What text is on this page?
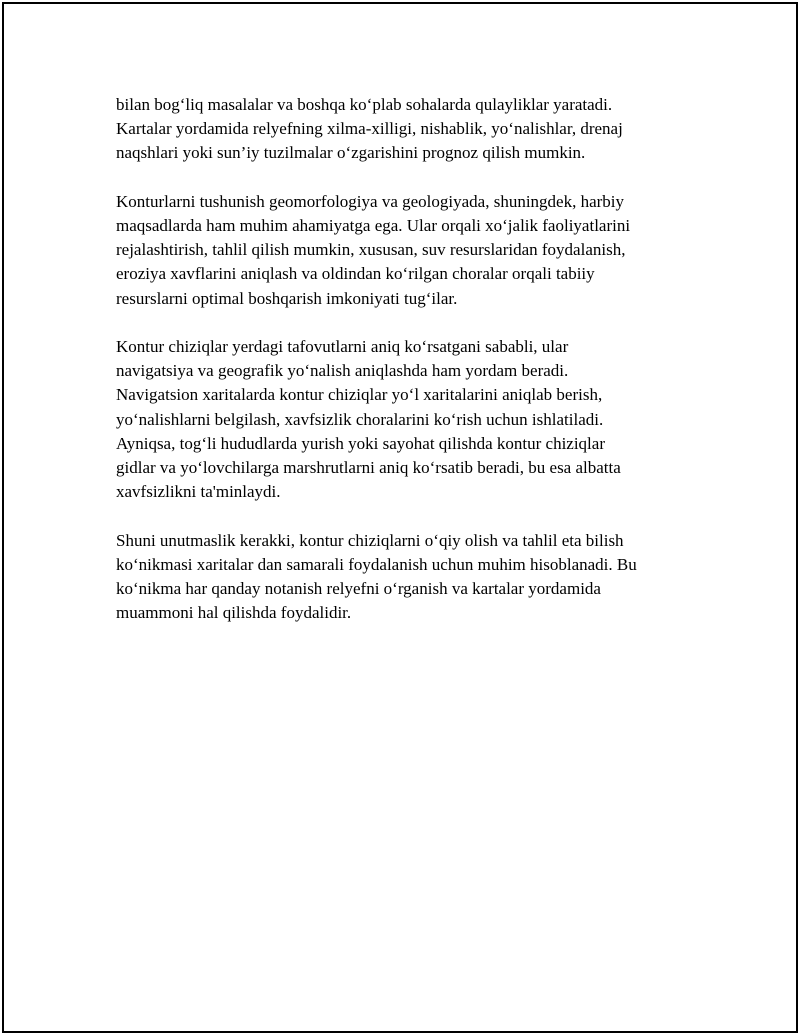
bilan bog‘liq masalalar va boshqa ko‘plab sohalarda qulayliklar yaratadi.
Kartalar yordamida relyefning xilma-xilligi, nishablik, yo‘nalishlar, drenaj
naqshlari yoki sun’iy tuzilmalar o‘zgarishini prognoz qilish mumkin.

Konturlarni tushunish geomorfologiya va geologiyada, shuningdek, harbiy
maqsadlarda ham muhim ahamiyatga ega. Ular orqali xo‘jalik faoliyatlarini
rejalashtirish, tahlil qilish mumkin, xususan, suv resurslaridan foydalanish,
eroziya xavflarini aniqlash va oldindan ko‘rilgan choralar orqali tabiiy
resurslarni optimal boshqarish imkoniyati tug‘ilar.

Kontur chiziqlar yerdagi tafovutlarni aniq ko‘rsatgani sababli, ular
navigatsiya va geografik yo‘nalish aniqlashda ham yordam beradi.
Navigatsion xaritalarda kontur chiziqlar yo‘l xaritalarini aniqlab berish,
yo‘nalishlarni belgilash, xavfsizlik choralarini ko‘rish uchun ishlatiladi.
Ayniqsa, tog‘li hududlarda yurish yoki sayohat qilishda kontur chiziqlar
gidlar va yo‘lovchilarga marshrutlarni aniq ko‘rsatib beradi, bu esa albatta
xavfsizlikni ta'minlaydi.

Shuni unutmaslik kerakki, kontur chiziqlarni o‘qiy olish va tahlil eta bilish
ko‘nikmasi xaritalar dan samarali foydalanish uchun muhim hisoblanadi. Bu
ko‘nikma har qanday notanish relyefni o‘rganish va kartalar yordamida
muammoni hal qilishda foydalidir.
